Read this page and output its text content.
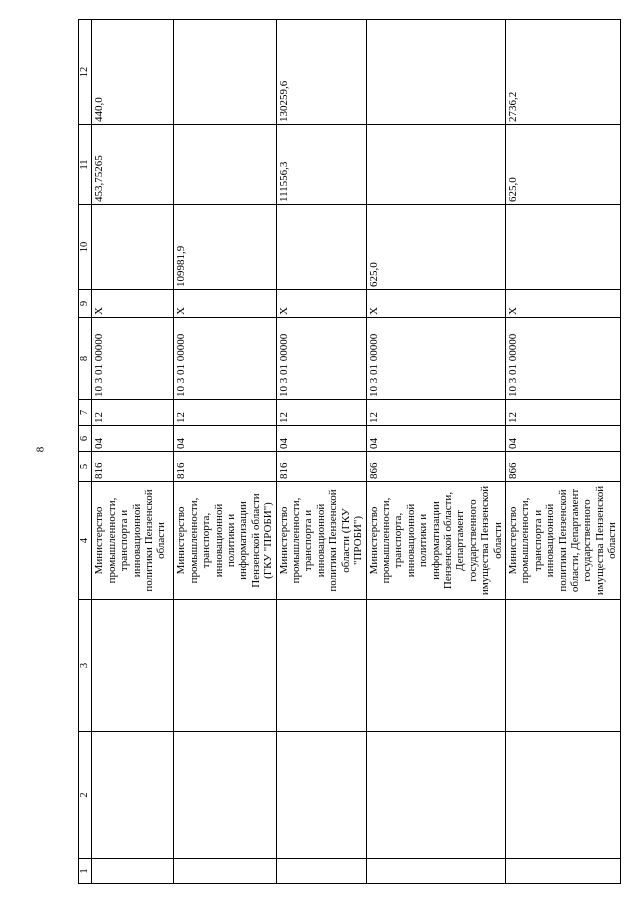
8
1	2	3	4	5	6	7	8	9	10	11	12
			Министерство промышленности, транспорта и инновационной политики Пензенской области	816	04	12	10 3 01 00000	X		453,75265	440,0
			Министерство промышленности, транспорта, инновационной политики и информатизации Пензенской области (ГКУ "ПРОБИ")	816	04	12	10 3 01 00000	X	109981,9		
			Министерство промышленности, транспорта и инновационной политики Пензенской области (ГКУ "ПРОБИ")	816	04	12	10 3 01 00000	X		111556,3	130259,6
			Министерство промышленности, транспорта, инновационной политики и информатизации Пензенской области, Департамент государственного имущества Пензенской области	866	04	12	10 3 01 00000	X	625,0		
			Министерство промышленности, транспорта и инновационной политики Пензенской области, Департамент государственного имущества Пензенской области	866	04	12	10 3 01 00000	X		625,0	2736,2
